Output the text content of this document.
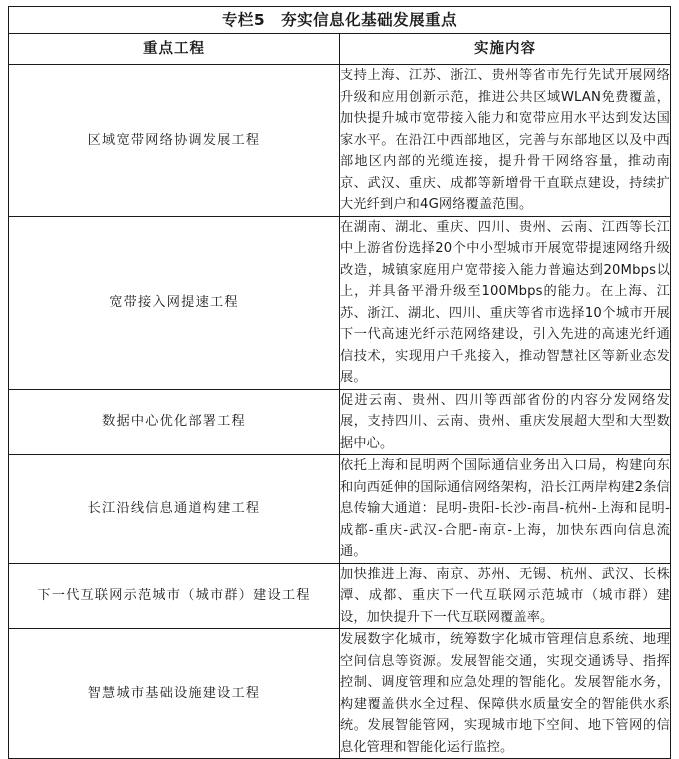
专栏5　夯实信息化基础发展重点	
重点工程	实施内容

区域宽带网络协调发展工程	支持上海、江苏、浙江、贵州等省市先行先试开展网络升级和应用创新示范，推进公共区域WLAN免费覆盖，加快提升城市宽带接入能力和宽带应用水平达到发达国家水平。在沿江中西部地区，完善与东部地区以及中西部地区内部的光缆连接，提升骨干网络容量，推动南京、武汉、重庆、成都等新增骨干直联点建设，持续扩大光纤到户和4G网络覆盖范围。

宽带接入网提速工程	在湖南、湖北、重庆、四川、贵州、云南、江西等长江中上游省份选择20个中小型城市开展宽带提速网络升级改造，城镇家庭用户宽带接入能力普遍达到20Mbps以上，并具备平滑升级至100Mbps的能力。在上海、江苏、浙江、湖北、四川、重庆等省市选择10个城市开展下一代高速光纤示范网络建设，引入先进的高速光纤通信技术，实现用户千兆接入，推动智慧社区等新业态发展。

数据中心优化部署工程	促进云南、贵州、四川等西部省份的内容分发网络发展，支持四川、云南、贵州、重庆发展超大型和大型数据中心。

长江沿线信息通道构建工程	依托上海和昆明两个国际通信业务出入口局，构建向东和向西延伸的国际通信网络架构，沿长江两岸构建2条信息传输大通道：昆明-贵阳-长沙-南昌-杭州-上海和昆明-成都-重庆-武汉-合肥-南京-上海，加快东西向信息流通。

下一代互联网示范城市（城市群）建设工程	加快推进上海、南京、苏州、无锡、杭州、武汉、长株潭、成都、重庆下一代互联网示范城市（城市群）建设，加快提升下一代互联网覆盖率。

智慧城市基础设施建设工程	发展数字化城市，统筹数字化城市管理信息系统、地理空间信息等资源。发展智能交通，实现交通诱导、指挥控制、调度管理和应急处理的智能化。发展智能水务，构建覆盖供水全过程、保障供水质量安全的智能供水系统。发展智能管网，实现城市地下空间、地下管网的信息化管理和智能化运行监控。
